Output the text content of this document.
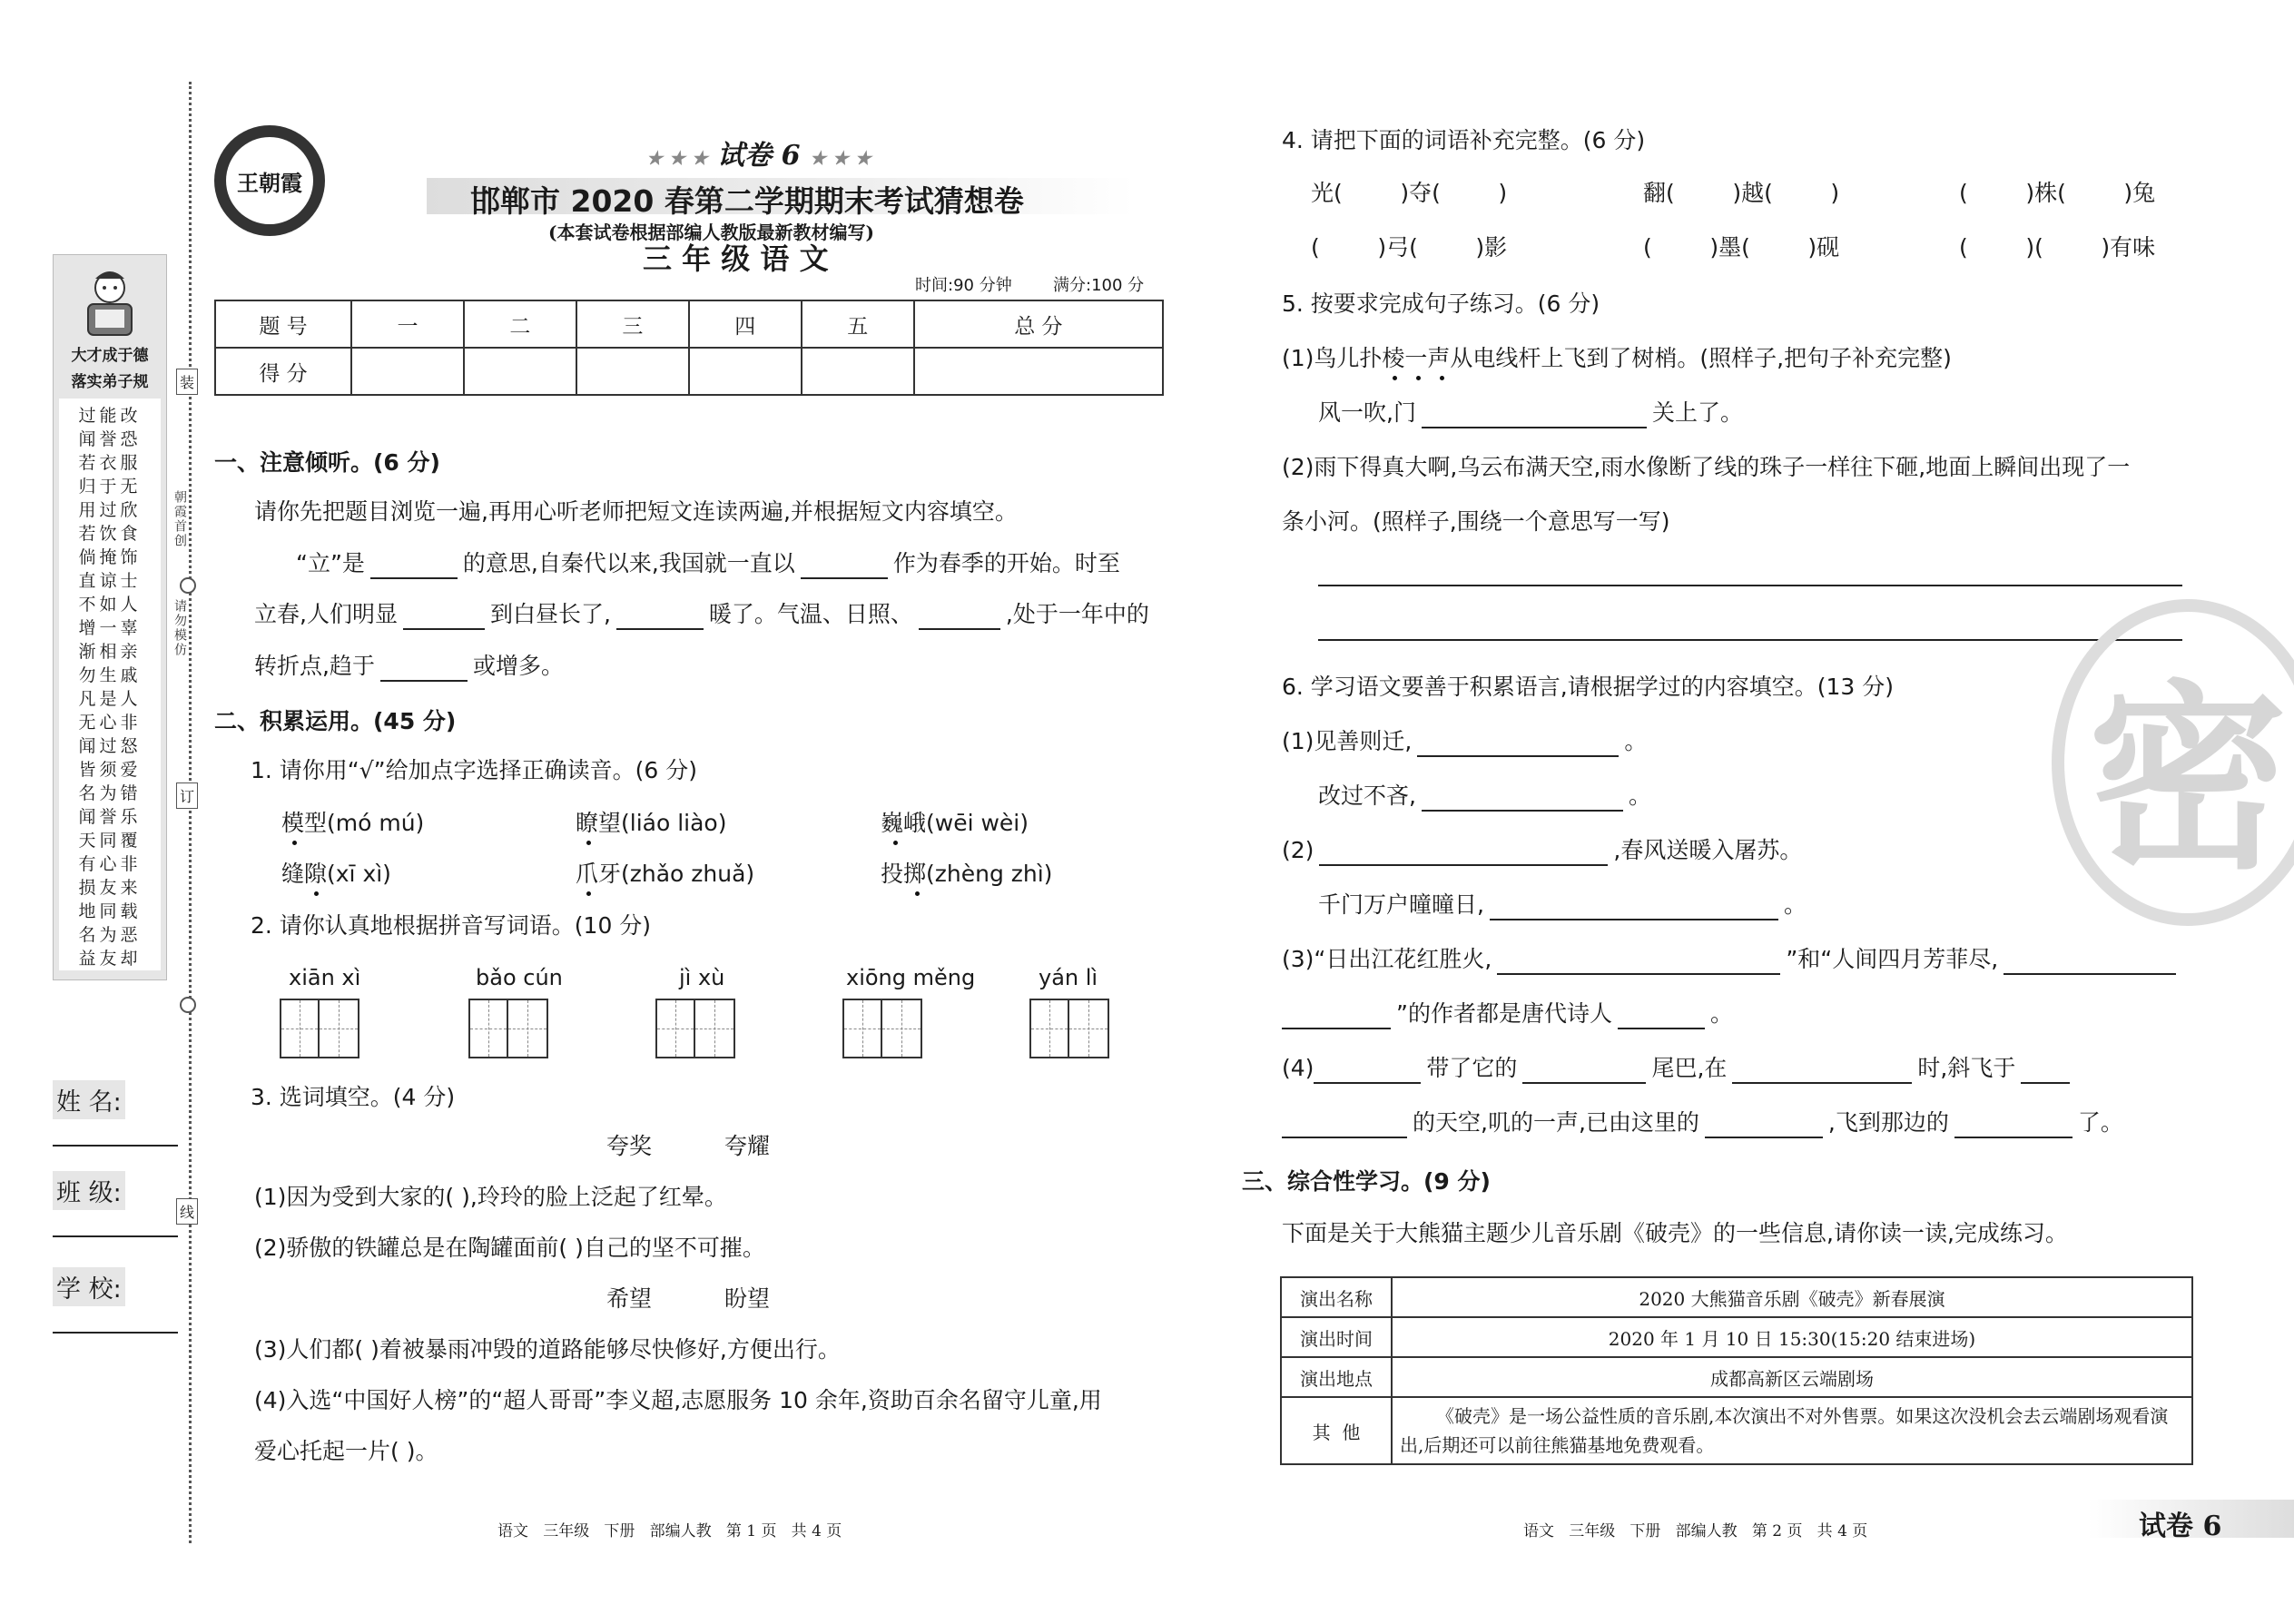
大才成于德
落实弟子规
过能改 闻誉恐 若衣服
归于无 用过欣 若饮食
倘掩饰 直谅士 不如人
增一辜 渐相亲 勿生戚
凡是人 无心非 闻过怒
皆须爱 名为错 闻誉乐
天同覆 有心非 损友来
地同载 名为恶 益友却
装
订
线
朝霞首创
请勿模仿
姓 名:
班 级:
学 校:
王朝霞
★ ★ ★ 试卷 6 ★ ★ ★
邯郸市 2020 春第二学期期末考试猜想卷
(本套试卷根据部编人教版最新教材编写)
三 年 级 语 文
时间:90 分钟	满分:100 分
题 号	一	二	三	四	五	总 分
得 分						
一、注意倾听。(6 分)
请你先把题目浏览一遍,再用心听老师把短文连读两遍,并根据短文内容填空。
“立”是	的意思,自秦代以来,我国就一直以	作为春季的开始。时至
立春,人们明显	到白昼长了,	暖了。气温、日照、	,处于一年中的
转折点,趋于	或增多。
二、积累运用。(45 分)
1. 请你用“√”给加点字选择正确读音。(6 分)
模型(mó mú)	瞭望(liáo liào)	巍峨(wēi wèi)
缝隙(xī xì)	爪牙(zhǎo zhuǎ)	投掷(zhèng zhì)
2. 请你认真地根据拼音写词语。(10 分)
xiān xì	bǎo cún	jì xù	xiōng měng	yán lì
3. 选词填空。(4 分)
夸奖	夸耀
(1)因为受到大家的( ),玲玲的脸上泛起了红晕。
(2)骄傲的铁罐总是在陶罐面前( )自己的坚不可摧。
希望	盼望
(3)人们都( )着被暴雨冲毁的道路能够尽快修好,方便出行。
(4)入选“中国好人榜”的“超人哥哥”李义超,志愿服务 10 余年,资助百余名留守儿童,用
爱心托起一片( )。
语文   三年级   下册   部编人教   第 1 页   共 4 页
4. 请把下面的词语补充完整。(6 分)
光(        )夺(        )	翻(        )越(        )	(        )株(        )兔
(        )弓(        )影	(        )墨(        )砚	(        )(        )有味
5. 按要求完成句子练习。(6 分)
(1)鸟儿扑棱一声从电线杆上飞到了树梢。(照样子,把句子补充完整)
风一吹,门	关上了。
(2)雨下得真大啊,乌云布满天空,雨水像断了线的珠子一样往下砸,地面上瞬间出现了一
条小河。(照样子,围绕一个意思写一写)
6. 学习语文要善于积累语言,请根据学过的内容填空。(13 分)
(1)见善则迁,	。
改过不吝,	。
(2)	,春风送暖入屠苏。
千门万户曈曈日,	。
(3)“日出江花红胜火,	”和“人间四月芳菲尽,
”的作者都是唐代诗人	。
(4)	带了它的	尾巴,在	时,斜飞于
的天空,叽的一声,已由这里的	,飞到那边的	了。
三、综合性学习。(9 分)
下面是关于大熊猫主题少儿音乐剧《破壳》的一些信息,请你读一读,完成练习。
演出名称	2020 大熊猫音乐剧《破壳》新春展演
演出时间	2020 年 1 月 10 日 15:30(15:20 结束进场)
演出地点	成都高新区云端剧场
其  他	《破壳》是一场公益性质的音乐剧,本次演出不对外售票。如果这次没机会去云端剧场观看演出,后期还可以前往熊猫基地免费观看。
密
语文   三年级   下册   部编人教   第 2 页   共 4 页	试卷 6
